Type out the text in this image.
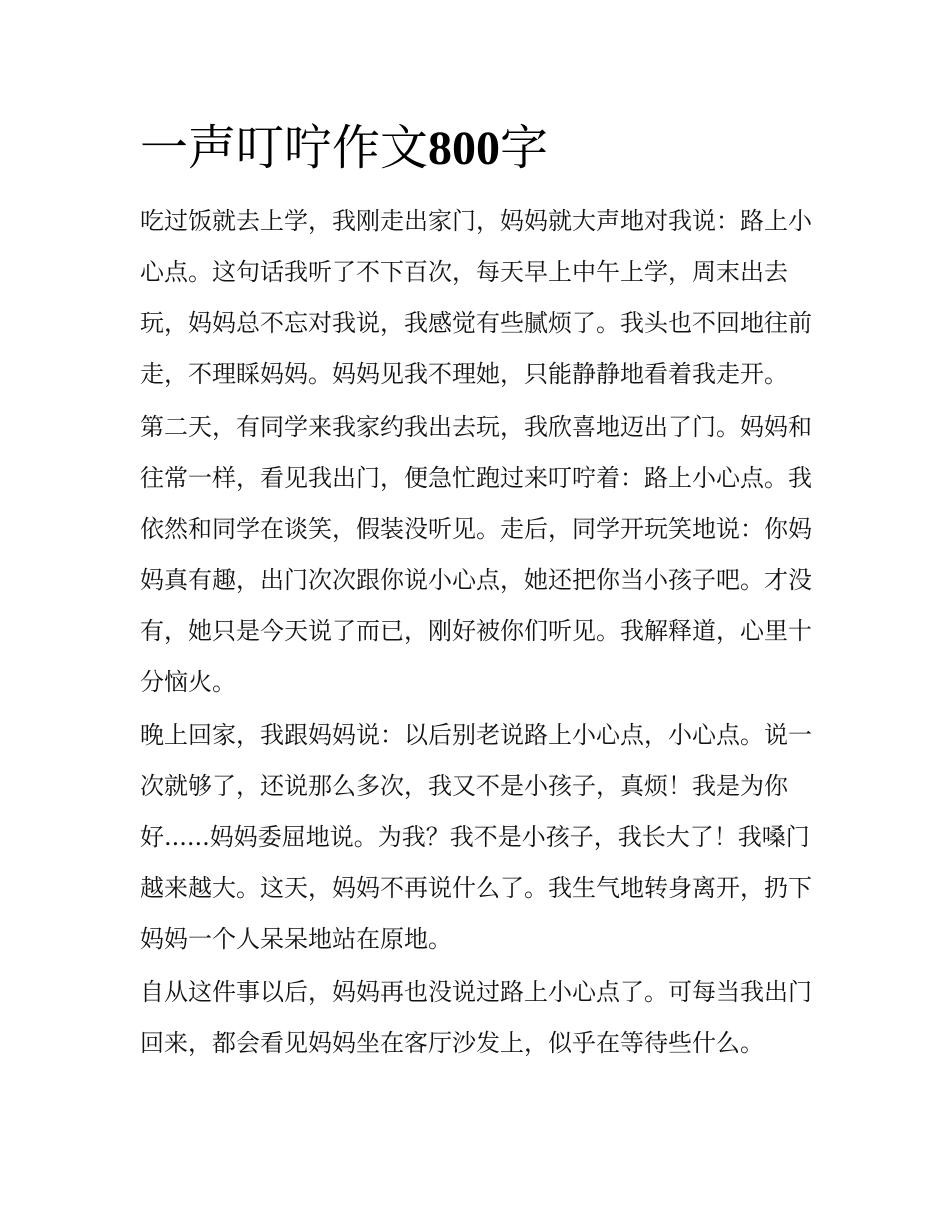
一声叮咛作文800字

吃过饭就去上学，我刚走出家门，妈妈就大声地对我说：路上小心点。这句话我听了不下百次，每天早上中午上学，周末出去玩，妈妈总不忘对我说，我感觉有些腻烦了。我头也不回地往前走，不理睬妈妈。妈妈见我不理她，只能静静地看着我走开。

第二天，有同学来我家约我出去玩，我欣喜地迈出了门。妈妈和往常一样，看见我出门，便急忙跑过来叮咛着：路上小心点。我依然和同学在谈笑，假装没听见。走后，同学开玩笑地说：你妈妈真有趣，出门次次跟你说小心点，她还把你当小孩子吧。才没有，她只是今天说了而已，刚好被你们听见。我解释道，心里十分恼火。

晚上回家，我跟妈妈说：以后别老说路上小心点，小心点。说一次就够了，还说那么多次，我又不是小孩子，真烦！我是为你好......妈妈委屈地说。为我？我不是小孩子，我长大了！我嗓门越来越大。这天，妈妈不再说什么了。我生气地转身离开，扔下妈妈一个人呆呆地站在原地。

自从这件事以后，妈妈再也没说过路上小心点了。可每当我出门回来，都会看见妈妈坐在客厅沙发上，似乎在等待些什么。
